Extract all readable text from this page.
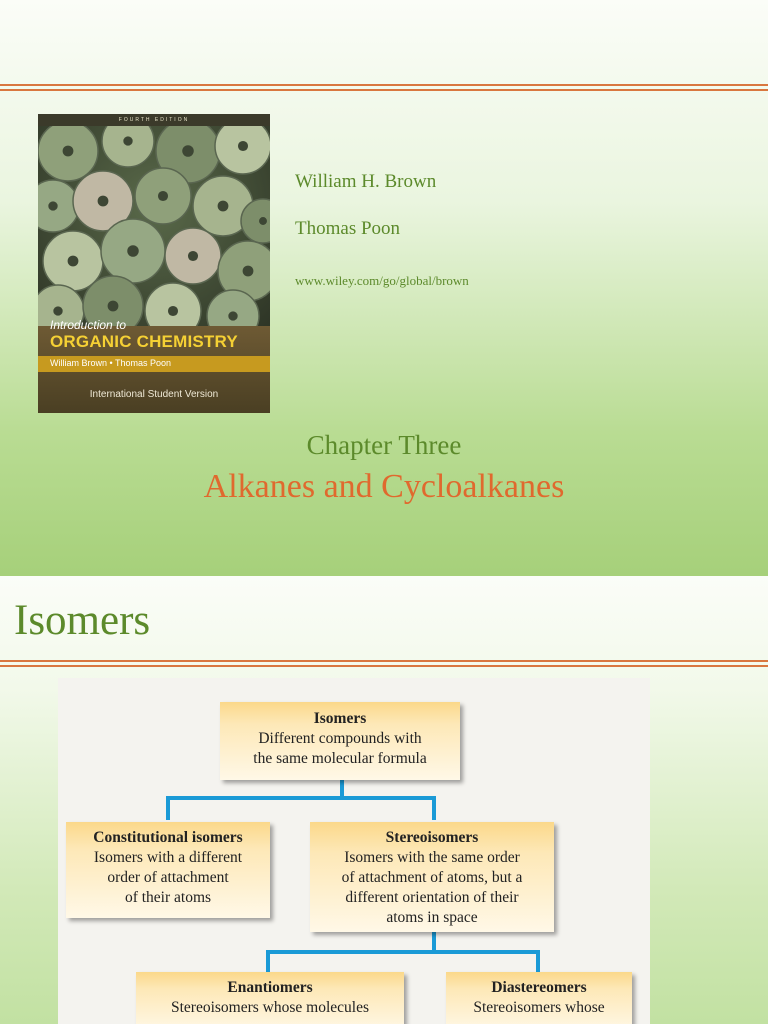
FOURTH EDITION
Introduction to
ORGANIC CHEMISTRY
William Brown • Thomas Poon
International Student Version
William H. Brown
Thomas Poon
www.wiley.com/go/global/brown
Chapter Three
Alkanes and Cycloalkanes
Isomers
Isomers
Different compounds with
the same molecular formula
Constitutional isomers
Isomers with a different
order of attachment
of their atoms
Stereoisomers
Isomers with the same order
of attachment of atoms, but a
different orientation of their
atoms in space
Enantiomers
Stereoisomers whose molecules
Diastereomers
Stereoisomers whose
